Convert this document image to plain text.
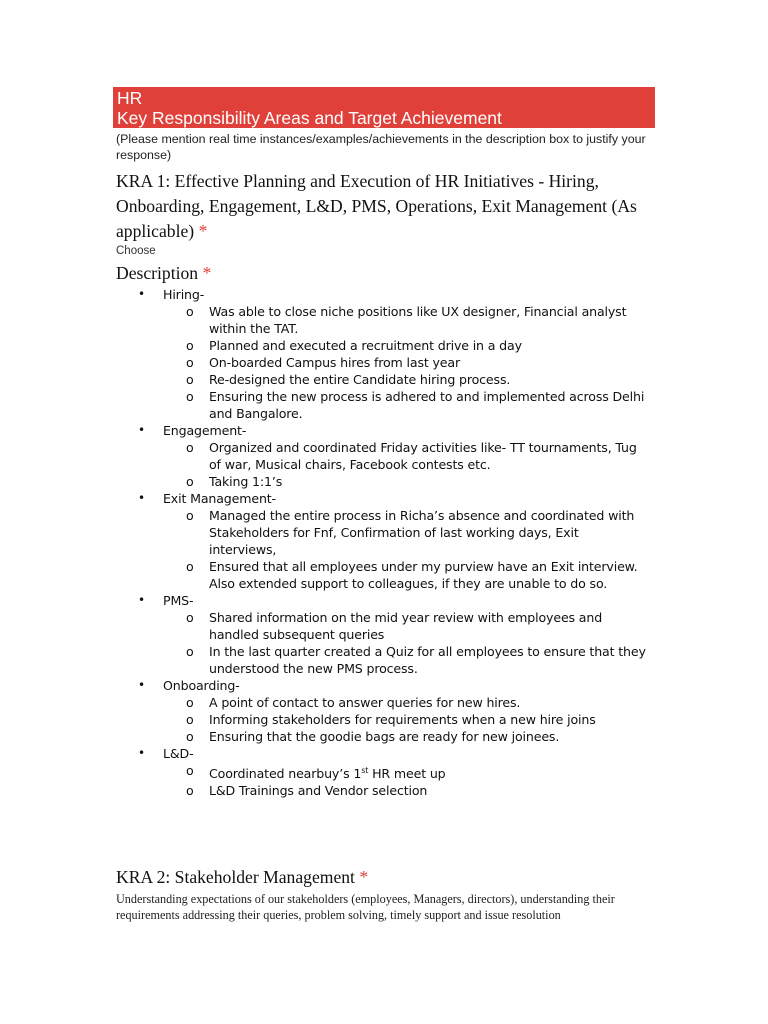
HR
Key Responsibility Areas and Target Achievement
(Please mention real time instances/examples/achievements in the description box to justify your response)
KRA 1: Effective Planning and Execution of HR Initiatives - Hiring, Onboarding, Engagement, L&D, PMS, Operations, Exit Management (As applicable) *
Choose
Description *
• Hiring-
o Was able to close niche positions like UX designer, Financial analyst within the TAT.
o Planned and executed a recruitment drive in a day
o On-boarded Campus hires from last year
o Re-designed the entire Candidate hiring process.
o Ensuring the new process is adhered to and implemented across Delhi and Bangalore.
• Engagement-
o Organized and coordinated Friday activities like- TT tournaments, Tug of war, Musical chairs, Facebook contests etc.
o Taking 1:1’s
• Exit Management-
o Managed the entire process in Richa’s absence and coordinated with Stakeholders for Fnf, Confirmation of last working days, Exit interviews,
o Ensured that all employees under my purview have an Exit interview. Also extended support to colleagues, if they are unable to do so.
• PMS-
o Shared information on the mid year review with employees and handled subsequent queries
o In the last quarter created a Quiz for all employees to ensure that they understood the new PMS process.
• Onboarding-
o A point of contact to answer queries for new hires.
o Informing stakeholders for requirements when a new hire joins
o Ensuring that the goodie bags are ready for new joinees.
• L&D-
o Coordinated nearbuy’s 1st HR meet up
o L&D Trainings and Vendor selection
KRA 2: Stakeholder Management *
Understanding expectations of our stakeholders (employees, Managers, directors), understanding their requirements addressing their queries, problem solving, timely support and issue resolution
